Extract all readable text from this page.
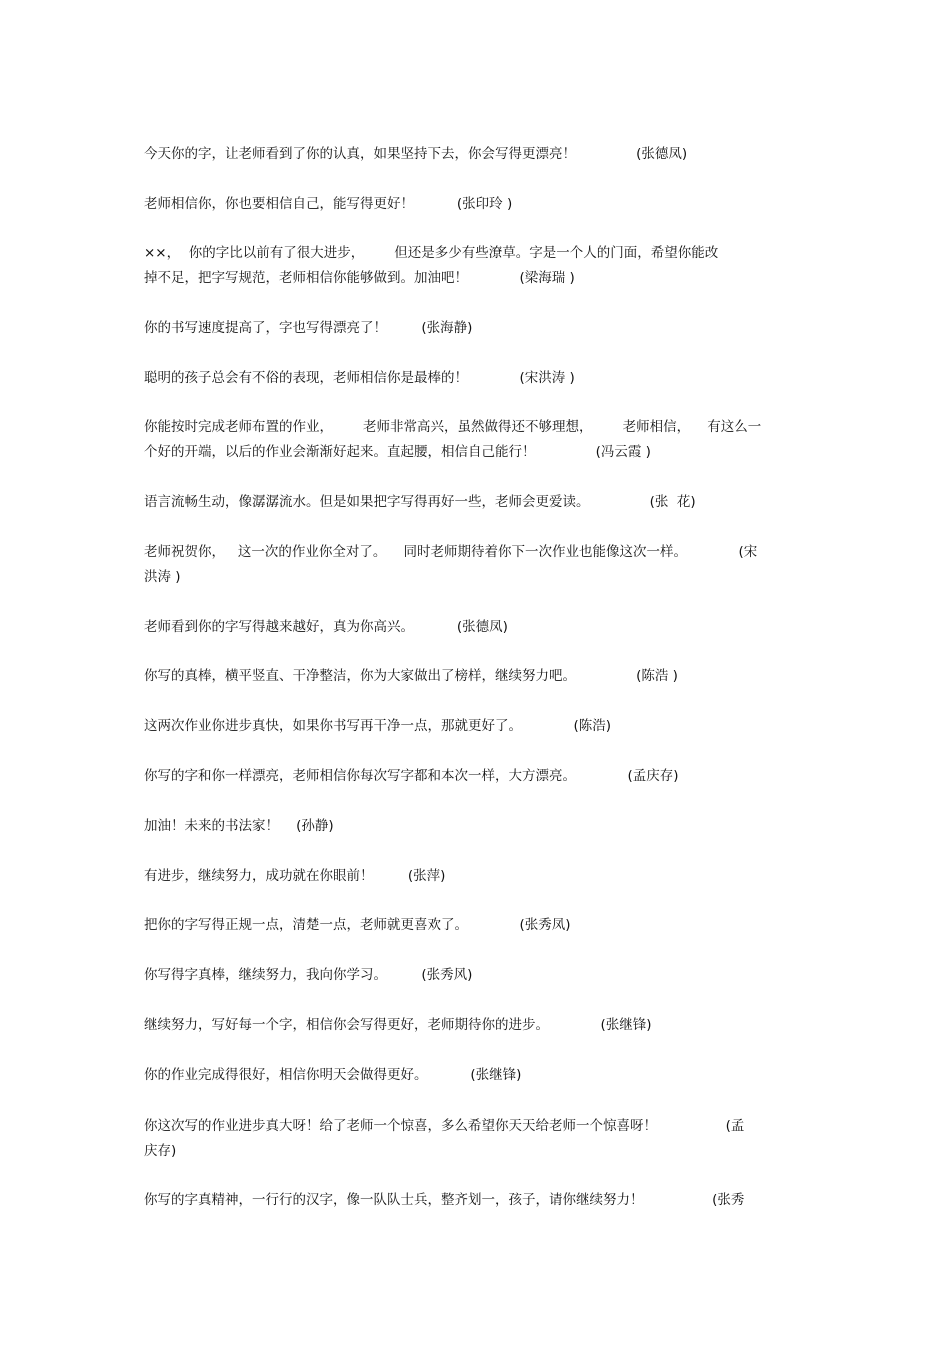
今天你的字，让老师看到了你的认真，如果坚持下去，你会写得更漂亮！              (张德凤)

老师相信你，你也要相信自己，能写得更好！          (张印玲 )

××，  你的字比以前有了很大进步，       但还是多少有些潦草。字是一个人的门面，希望你能改
掉不足，把字写规范，老师相信你能够做到。加油吧！            (梁海瑞 )

你的书写速度提高了，字也写得漂亮了！        (张海静)

聪明的孩子总会有不俗的表现，老师相信你是最棒的！            (宋洪涛 )

你能按时完成老师布置的作业，       老师非常高兴，虽然做得还不够理想，       老师相信，    有这么一
个好的开端，以后的作业会渐渐好起来。直起腰，相信自己能行！              (冯云霞 )

语言流畅生动，像潺潺流水。但是如果把字写得再好一些，老师会更爱读。              (张  花)

老师祝贺你，   这一次的作业你全对了。    同时老师期待着你下一次作业也能像这次一样。            (宋
洪涛 )

老师看到你的字写得越来越好，真为你高兴。          (张德凤)

你写的真棒，横平竖直、干净整洁，你为大家做出了榜样，继续努力吧。              (陈浩 )

这两次作业你进步真快，如果你书写再干净一点，那就更好了。            (陈浩)

你写的字和你一样漂亮，老师相信你每次写字都和本次一样，大方漂亮。            (孟庆存)

加油！未来的书法家！    (孙静)

有进步，继续努力，成功就在你眼前！        (张萍)

把你的字写得正规一点，清楚一点，老师就更喜欢了。            (张秀凤)

你写得字真棒，继续努力，我向你学习。        (张秀风)

继续努力，写好每一个字，相信你会写得更好，老师期待你的进步。            (张继锋)

你的作业完成得很好，相信你明天会做得更好。          (张继锋)

你这次写的作业进步真大呀！给了老师一个惊喜，多么希望你天天给老师一个惊喜呀！                (孟
庆存)

你写的字真精神，一行行的汉字，像一队队士兵，整齐划一，孩子，请你继续努力！                (张秀
